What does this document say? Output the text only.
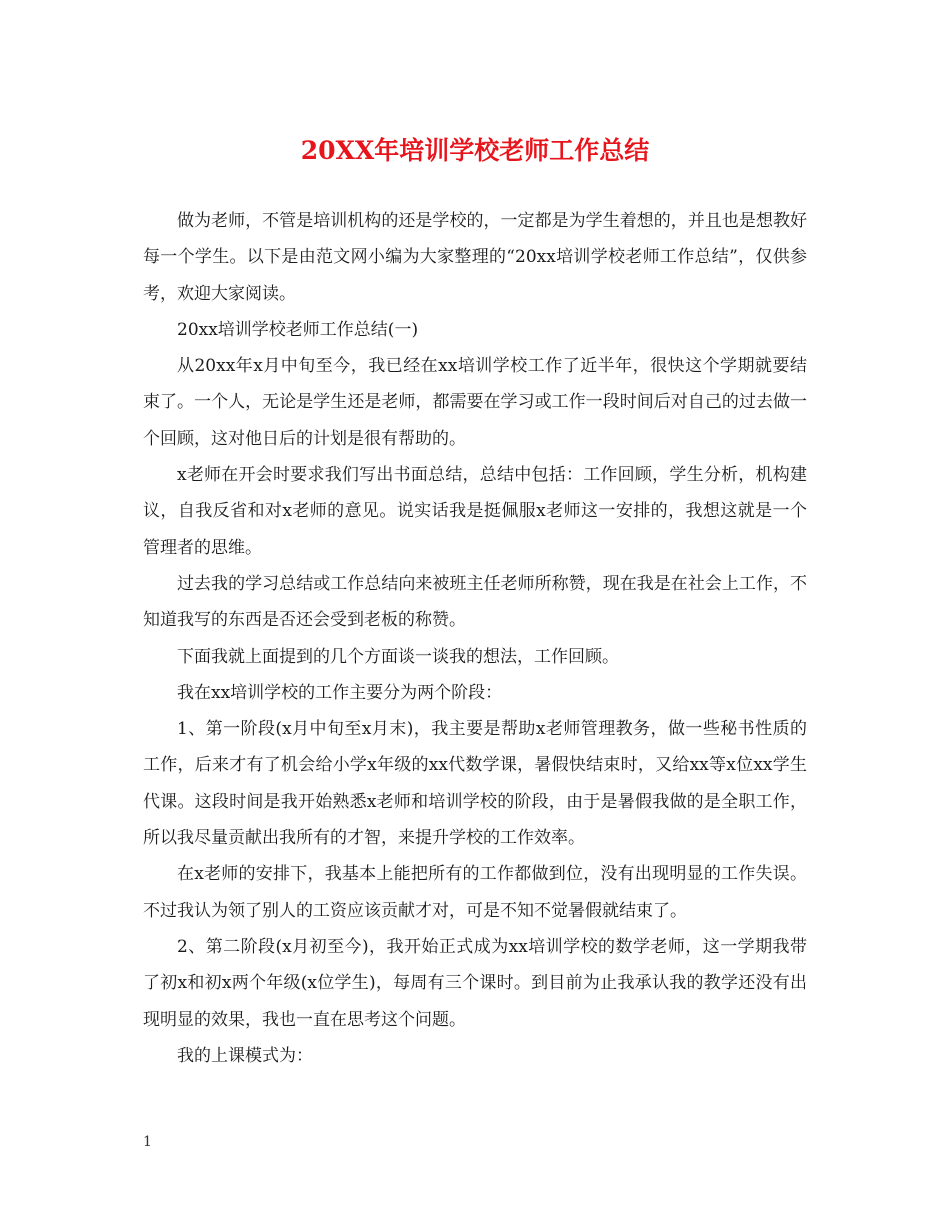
20XX年培训学校老师工作总结

做为老师，不管是培训机构的还是学校的，一定都是为学生着想的，并且也是想教好每一个学生。以下是由范文网小编为大家整理的“20xx培训学校老师工作总结”，仅供参考，欢迎大家阅读。

20xx培训学校老师工作总结(一)

从20xx年x月中旬至今，我已经在xx培训学校工作了近半年，很快这个学期就要结束了。一个人，无论是学生还是老师，都需要在学习或工作一段时间后对自己的过去做一个回顾，这对他日后的计划是很有帮助的。

x老师在开会时要求我们写出书面总结，总结中包括：工作回顾，学生分析，机构建议，自我反省和对x老师的意见。说实话我是挺佩服x老师这一安排的，我想这就是一个管理者的思维。

过去我的学习总结或工作总结向来被班主任老师所称赞，现在我是在社会上工作，不知道我写的东西是否还会受到老板的称赞。

下面我就上面提到的几个方面谈一谈我的想法，工作回顾。

我在xx培训学校的工作主要分为两个阶段：

1、第一阶段(x月中旬至x月末)，我主要是帮助x老师管理教务，做一些秘书性质的工作，后来才有了机会给小学x年级的xx代数学课，暑假快结束时，又给xx等x位xx学生代课。这段时间是我开始熟悉x老师和培训学校的阶段，由于是暑假我做的是全职工作，所以我尽量贡献出我所有的才智，来提升学校的工作效率。

在x老师的安排下，我基本上能把所有的工作都做到位，没有出现明显的工作失误。不过我认为领了别人的工资应该贡献才对，可是不知不觉暑假就结束了。

2、第二阶段(x月初至今)，我开始正式成为xx培训学校的数学老师，这一学期我带了初x和初x两个年级(x位学生)，每周有三个课时。到目前为止我承认我的教学还没有出现明显的效果，我也一直在思考这个问题。

我的上课模式为：

1
